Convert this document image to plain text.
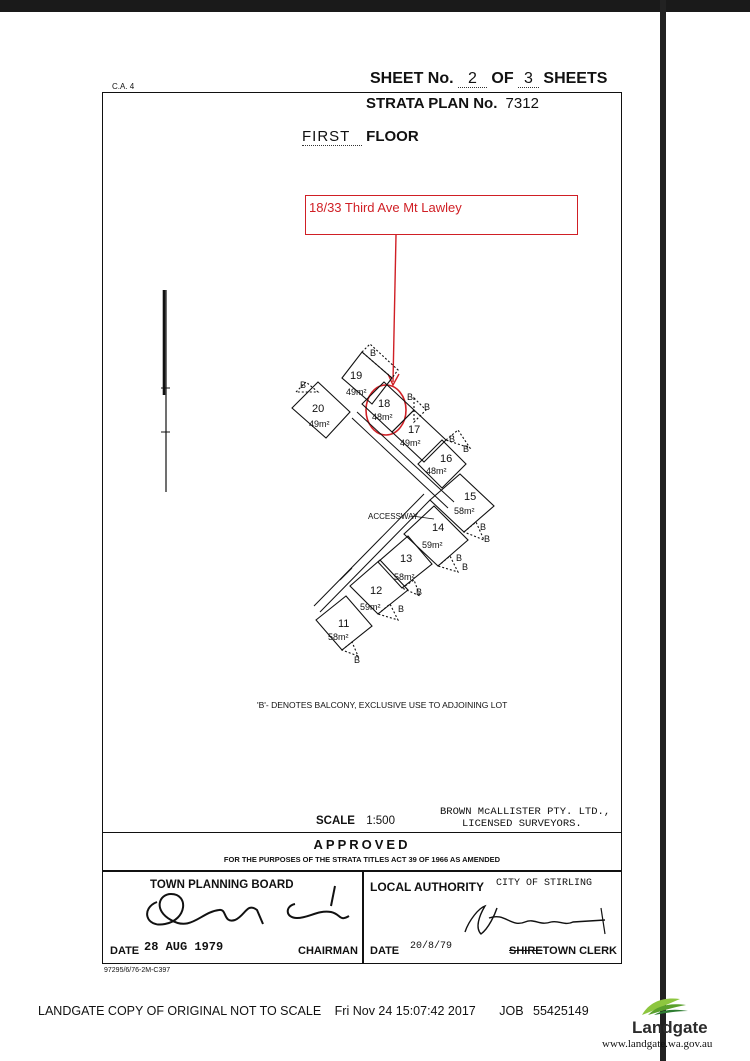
C.A. 4	SHEET No. 2 OF 3 SHEETS
STRATA PLAN No. 7312
FIRST FLOOR
18/33 Third Ave Mt Lawley
19
49m²
20
49m²
18
48m²
17
49m²
16
48m²
15
58m²
14
59m²
13
58m²
12
59m²
11
58m²
B
B
B
B
B
B
B
B
B
B
B
B
B
ACCESSWAY
'B'- DENOTES BALCONY, EXCLUSIVE USE TO ADJOINING LOT
SCALE 1:500
BROWN McALLISTER PTY. LTD.,
LICENSED SURVEYORS.
APPROVED
FOR THE PURPOSES OF THE STRATA TITLES ACT 39 OF 1966 AS AMENDED
TOWN PLANNING BOARD
DATE 28 AUG 1979	CHAIRMAN
LOCAL AUTHORITY CITY OF STIRLING
DATE 20/8/79	SHIRETOWN CLERK
97295/6/76-2M-C397
LANDGATE COPY OF ORIGINAL NOT TO SCALE Fri Nov 24 15:07:42 2017 JOB 55425149
Landgate
www.landgate.wa.gov.au
